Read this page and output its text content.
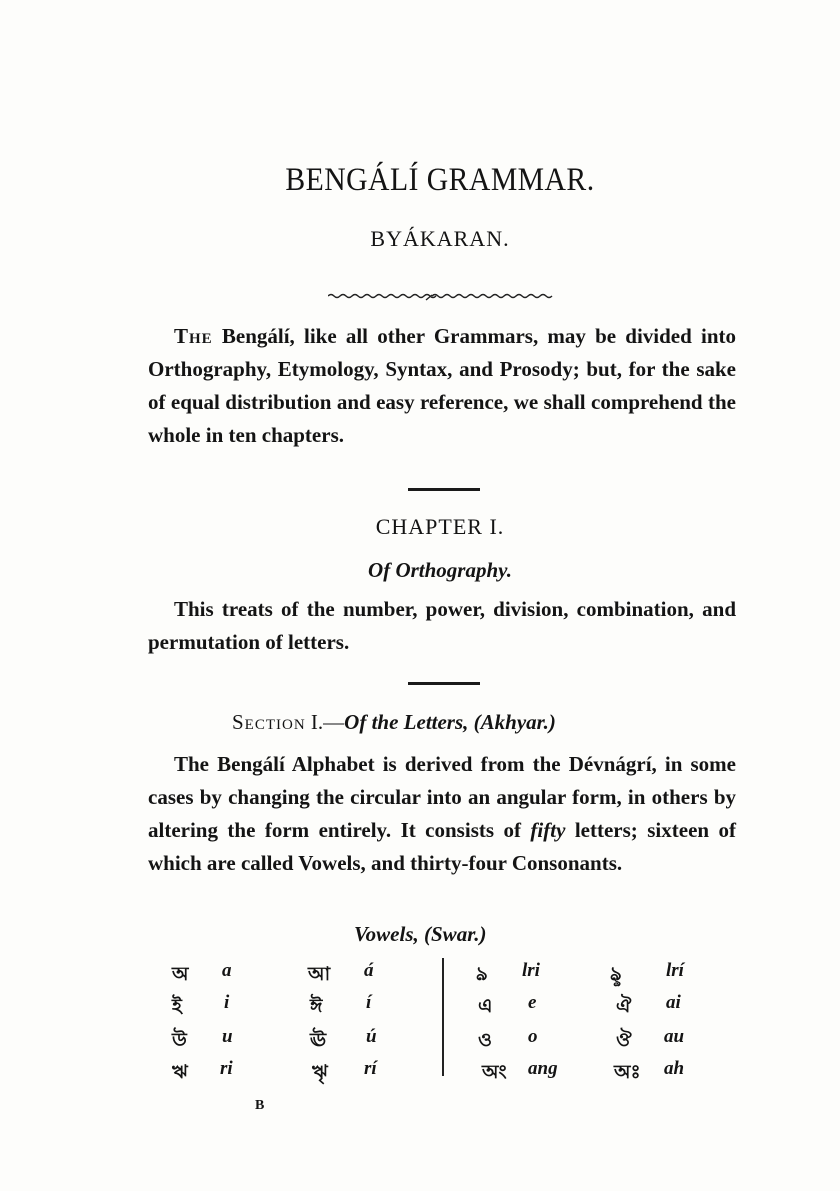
BENGÁLÍ GRAMMAR.
BYÁKARAN.

The Bengálí, like all other Grammars, may be divided into Orthography, Etymology, Syntax, and Prosody; but, for the sake of equal distribution and easy reference, we shall comprehend the whole in ten chapters.

CHAPTER I.
Of Orthography.

This treats of the number, power, division, combination, and permutation of letters.

Section I.—Of the Letters, (Akhyar.)

The Bengálí Alphabet is derived from the Dévnágrí, in some cases by changing the circular into an angular form, in others by altering the form entirely. It consists of fifty letters; sixteen of which are called Vowels, and thirty-four Consonants.

Vowels, (Swar.)
অ a	আ á	ঌ lri	ৡ lrí
ই i	ঈ í	এ e	ঐ ai
উ u	ঊ ú	ও o	ঔ au
ঋ ri	ৠ rí	অং ang	অঃ ah
B
